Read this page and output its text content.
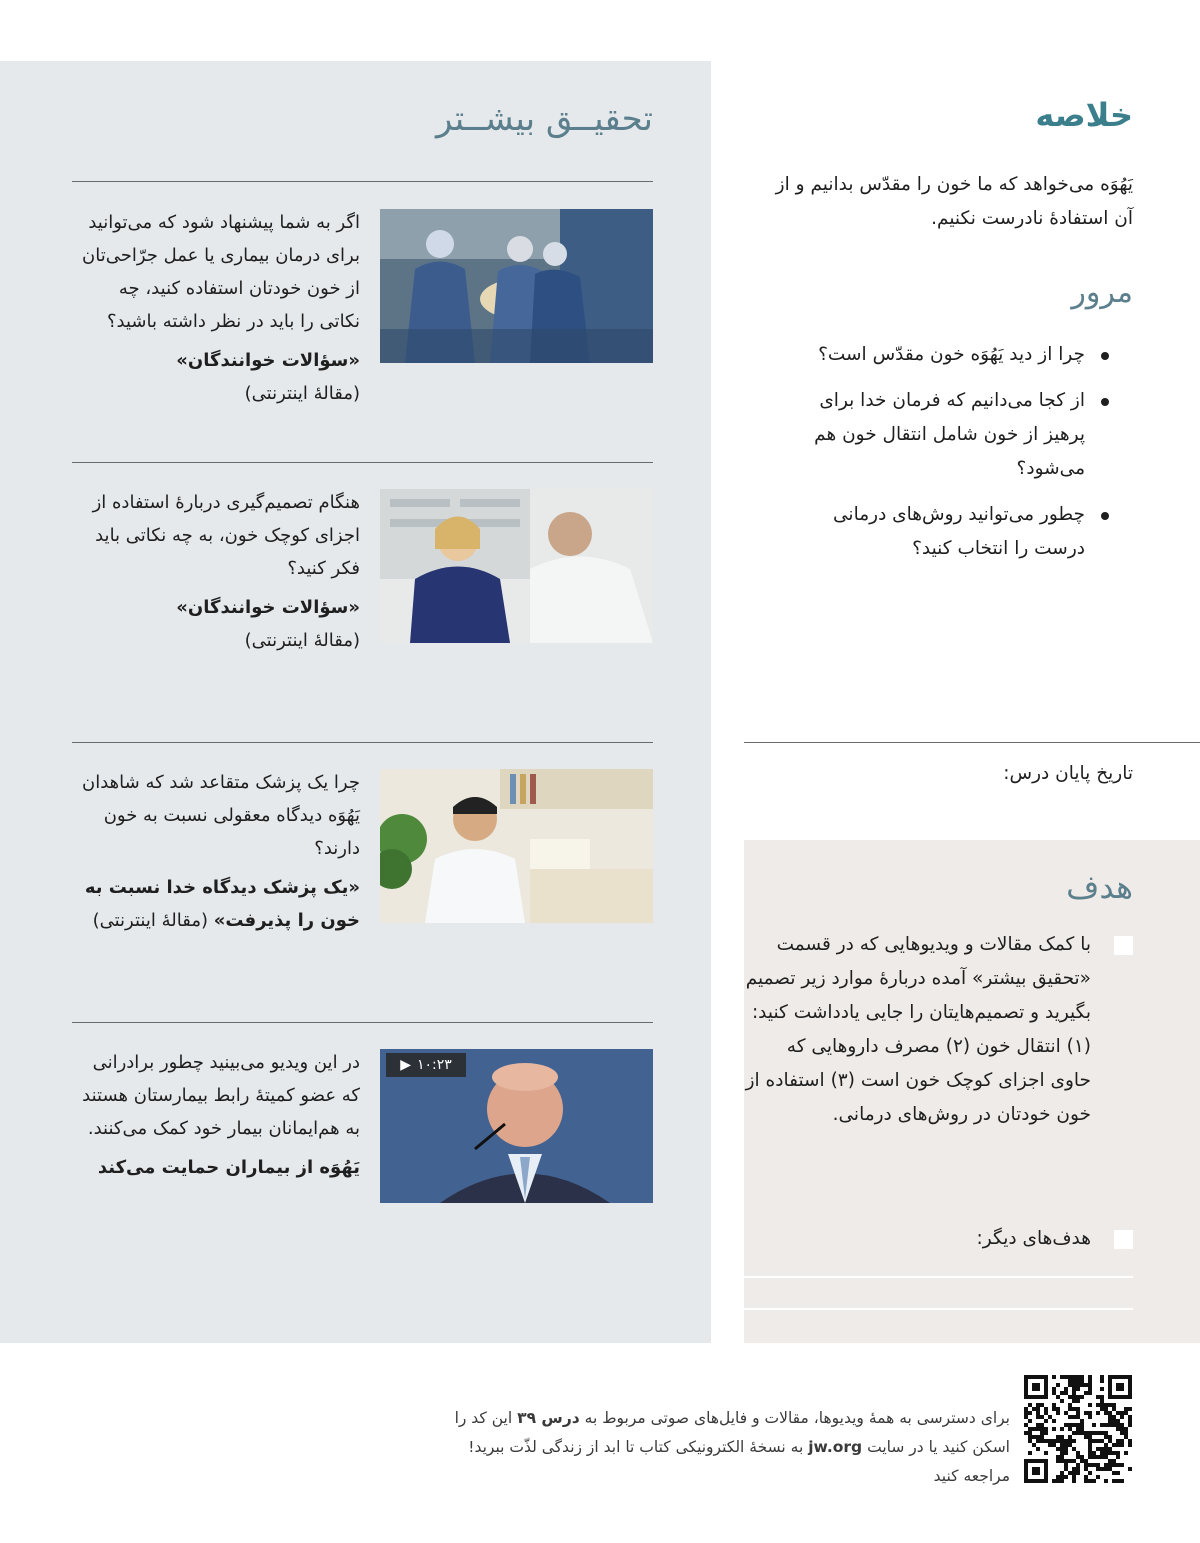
تحقیــق بیشــتر

اگر به شما پیشنهاد شود که می‌توانید برای درمان بیماری یا عمل جرّاحی‌تان از خون خودتان استفاده کنید، چه نکاتی را باید در نظر داشته باشید؟

«سؤالات خوانندگان»
(مقالهٔ اینترنتی)

هنگام تصمیم‌گیری دربارهٔ استفاده از اجزای کوچک خون، به چه نکاتی باید فکر کنید؟

«سؤالات خوانندگان»
(مقالهٔ اینترنتی)

چرا یک پزشک متقاعد شد که شاهدان یَهُوَه دیدگاه معقولی نسبت به خون دارند؟

«یک پزشک دیدگاه خدا نسبت به خون را پذیرفت» (مقالهٔ اینترنتی)

▶ ۱۰:۲۳

در این ویدیو می‌بینید چطور برادرانی که عضو کمیتهٔ رابط بیمارستان هستند به هم‌ایمانان بیمار خود کمک می‌کنند.

یَهُوَه از بیماران حمایت می‌کند

خلاصه

یَهُوَه می‌خواهد که ما خون را مقدّس بدانیم و از آن استفادهٔ نادرست نکنیم.

مرور
چرا از دید یَهُوَه خون مقدّس است؟
از کجا می‌دانیم که فرمان خدا برای پرهیز از خون شامل انتقال خون هم می‌شود؟
چطور می‌توانید روش‌های درمانی درست را انتخاب کنید؟

تاریخ پایان درس:

هدف
با کمک مقالات و ویدیوهایی که در قسمت «تحقیق بیشتر» آمده دربارهٔ موارد زیر تصمیم بگیرید و تصمیم‌هایتان را جایی یادداشت کنید: (۱) انتقال خون (۲) مصرف داروهایی که حاوی اجزای کوچک خون است (۳) استفاده از خون خودتان در روش‌های درمانی.
هدف‌های دیگر:

برای دسترسی به همهٔ ویدیوها، مقالات و فایل‌های صوتی مربوط به درس ۳۹ این کد را اسکن کنید یا در سایت jw.org به نسخهٔ الکترونیکی کتاب تا ابد از زندگی لذّت ببرید! مراجعه کنید
